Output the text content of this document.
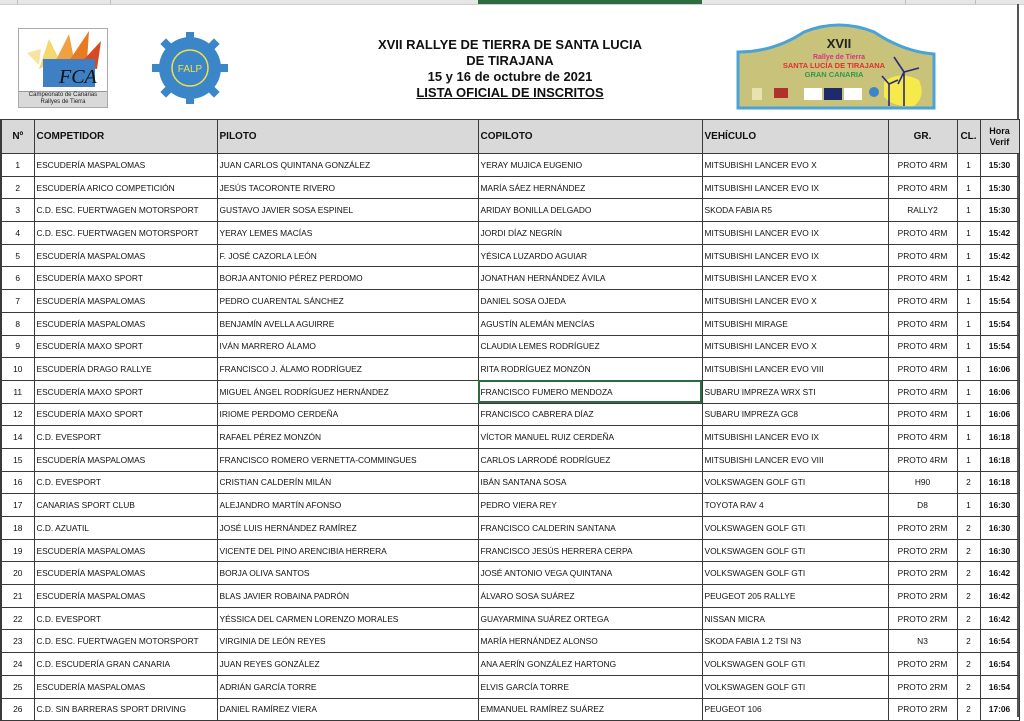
FCA
Campeonato de Canarias
Rallyes de Tierra
FALP
XVII RALLYE DE TIERRA DE SANTA LUCIA
DE TIRAJANA
15 y 16 de octubre de 2021
LISTA OFICIAL DE INSCRITOS
XVII
Rallye de Tierra
SANTA LUCÍA DE TIRAJANA
GRAN CANARIA
Nº	COMPETIDOR	PILOTO	COPILOTO	VEHÍCULO	GR.	CL.	Hora
Verif

1	ESCUDERÍA MASPALOMAS	JUAN CARLOS QUINTANA GONZÁLEZ	YERAY MUJICA EUGENIO	MITSUBISHI LANCER EVO X	PROTO 4RM	1	15:30
2	ESCUDERÍA ARICO COMPETICIÓN	JESÚS TACORONTE RIVERO	MARÍA SÁEZ HERNÁNDEZ	MITSUBISHI LANCER EVO IX	PROTO 4RM	1	15:30
3	C.D. ESC. FUERTWAGEN MOTORSPORT	GUSTAVO JAVIER SOSA ESPINEL	ARIDAY BONILLA DELGADO	SKODA FABIA R5	RALLY2	1	15:30
4	C.D. ESC. FUERTWAGEN MOTORSPORT	YERAY LEMES MACÍAS	JORDI DÍAZ NEGRÍN	MITSUBISHI LANCER EVO IX	PROTO 4RM	1	15:42
5	ESCUDERÍA MASPALOMAS	F. JOSÉ CAZORLA LEÓN	YÉSICA LUZARDO AGUIAR	MITSUBISHI LANCER EVO IX	PROTO 4RM	1	15:42
6	ESCUDERÍA MAXO SPORT	BORJA ANTONIO PÉREZ PERDOMO	JONATHAN HERNÁNDEZ ÁVILA	MITSUBISHI LANCER EVO X	PROTO 4RM	1	15:42
7	ESCUDERÍA MASPALOMAS	PEDRO CUARENTAL SÁNCHEZ	DANIEL SOSA OJEDA	MITSUBISHI LANCER EVO X	PROTO 4RM	1	15:54
8	ESCUDERÍA MASPALOMAS	BENJAMÍN AVELLA AGUIRRE	AGUSTÍN ALEMÁN MENCÍAS	MITSUBISHI MIRAGE	PROTO 4RM	1	15:54
9	ESCUDERÍA MAXO SPORT	IVÁN MARRERO ÁLAMO	CLAUDIA LEMES RODRÍGUEZ	MITSUBISHI LANCER EVO X	PROTO 4RM	1	15:54
10	ESCUDERÍA DRAGO RALLYE	FRANCISCO J. ÁLAMO RODRÍGUEZ	RITA RODRÍGUEZ MONZÓN	MITSUBISHI LANCER EVO VIII	PROTO 4RM	1	16:06
11	ESCUDERÍA MAXO SPORT	MIGUEL ÁNGEL RODRÍGUEZ HERNÁNDEZ	FRANCISCO FUMERO MENDOZA	SUBARU IMPREZA WRX STI	PROTO 4RM	1	16:06
12	ESCUDERÍA MAXO SPORT	IRIOME PERDOMO CERDEÑA	FRANCISCO CABRERA DÍAZ	SUBARU IMPREZA GC8	PROTO 4RM	1	16:06
14	C.D. EVESPORT	RAFAEL PÉREZ MONZÓN	VÍCTOR MANUEL RUIZ CERDEÑA	MITSUBISHI LANCER EVO IX	PROTO 4RM	1	16:18
15	ESCUDERÍA MASPALOMAS	FRANCISCO ROMERO VERNETTA-COMMINGUES	CARLOS LARRODÉ RODRÍGUEZ	MITSUBISHI LANCER EVO VIII	PROTO 4RM	1	16:18
16	C.D. EVESPORT	CRISTIAN CALDERÍN MILÁN	IBÁN SANTANA SOSA	VOLKSWAGEN GOLF GTI	H90	2	16:18
17	CANARIAS SPORT CLUB	ALEJANDRO MARTÍN AFONSO	PEDRO VIERA REY	TOYOTA RAV 4	D8	1	16:30
18	C.D. AZUATIL	JOSÉ LUIS HERNÁNDEZ RAMÍREZ	FRANCISCO CALDERIN SANTANA	VOLKSWAGEN GOLF GTI	PROTO 2RM	2	16:30
19	ESCUDERÍA MASPALOMAS	VICENTE DEL PINO ARENCIBIA HERRERA	FRANCISCO JESÚS HERRERA CERPA	VOLKSWAGEN GOLF GTI	PROTO 2RM	2	16:30
20	ESCUDERÍA MASPALOMAS	BORJA OLIVA SANTOS	JOSÉ ANTONIO VEGA QUINTANA	VOLKSWAGEN GOLF GTI	PROTO 2RM	2	16:42
21	ESCUDERÍA MASPALOMAS	BLAS JAVIER ROBAINA PADRÓN	ÁLVARO SOSA SUÁREZ	PEUGEOT 205 RALLYE	PROTO 2RM	2	16:42
22	C.D. EVESPORT	YÉSSICA DEL CARMEN LORENZO MORALES	GUAYARMINA SUÁREZ ORTEGA	NISSAN MICRA	PROTO 2RM	2	16:42
23	C.D. ESC. FUERTWAGEN MOTORSPORT	VIRGINIA DE LEÓN REYES	MARÍA HERNÁNDEZ ALONSO	SKODA FABIA 1.2 TSI N3	N3	2	16:54
24	C.D. ESCUDERÍA GRAN CANARIA	JUAN REYES GONZÁLEZ	ANA AERÍN GONZÁLEZ HARTONG	VOLKSWAGEN GOLF GTI	PROTO 2RM	2	16:54
25	ESCUDERÍA MASPALOMAS	ADRIÁN GARCÍA TORRE	ELVIS GARCÍA TORRE	VOLKSWAGEN GOLF GTI	PROTO 2RM	2	16:54
26	C.D. SIN BARRERAS SPORT DRIVING	DANIEL RAMÍREZ VIERA	EMMANUEL RAMÍREZ SUÁREZ	PEUGEOT 106	PROTO 2RM	2	17:06
